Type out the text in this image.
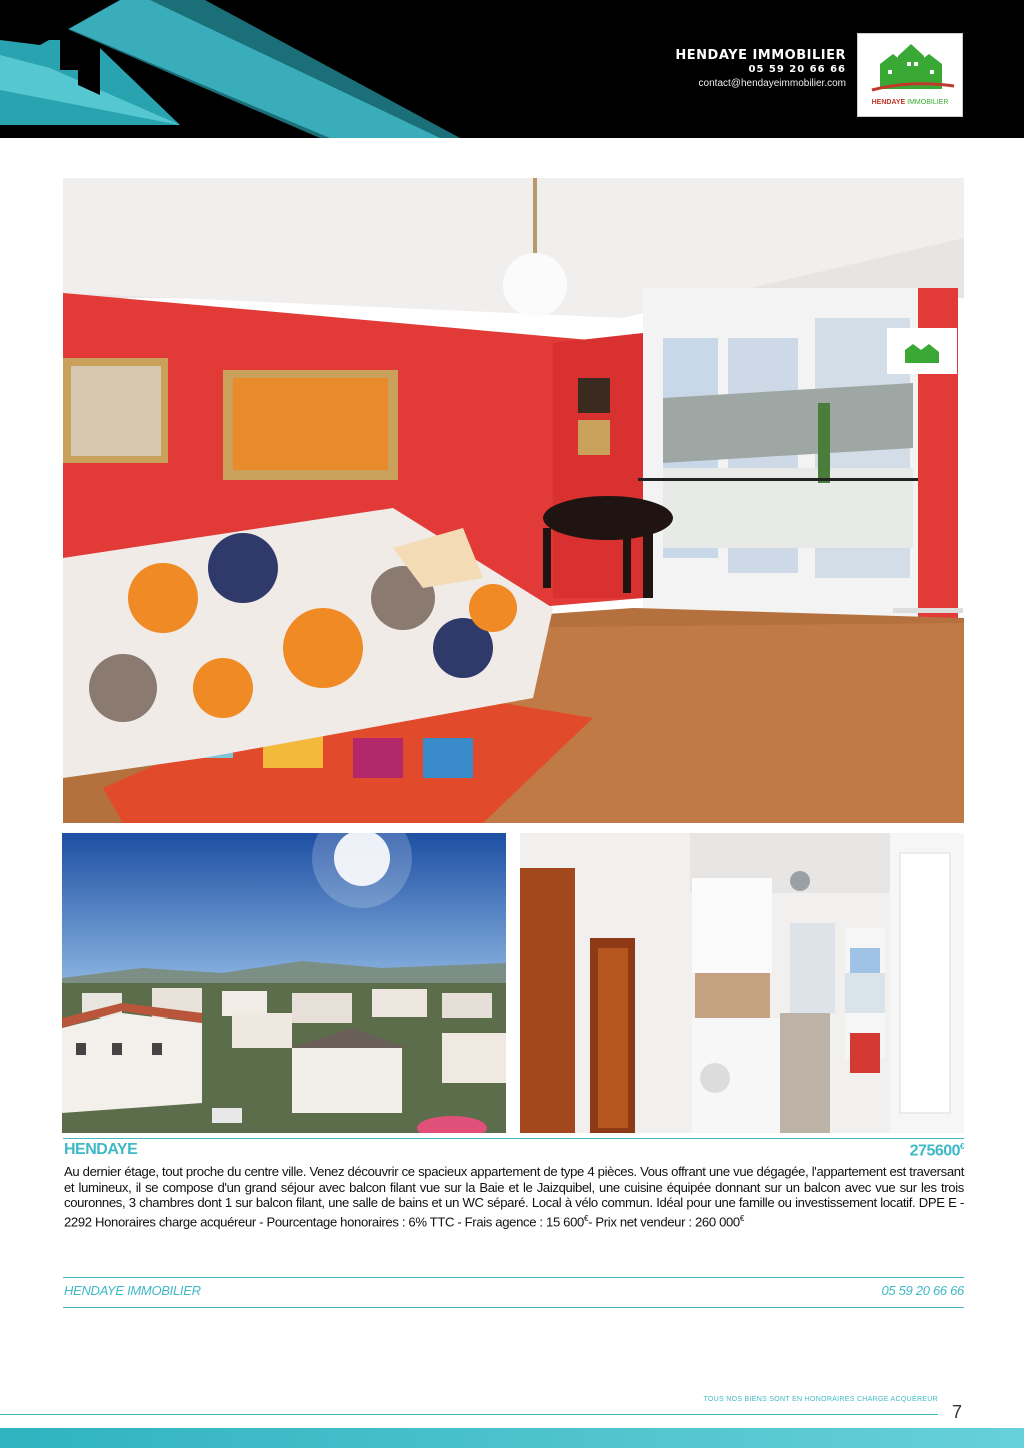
HENDAYE IMMOBILIER
05 59 20 66 66
contact@hendayeimmobilier.com
HENDAYE IMMOBILIER
HENDAYE	275600€
Au dernier étage, tout proche du centre ville. Venez découvrir ce spacieux appartement de type 4 pièces. Vous offrant une vue dégagée, l'appartement est traversant et lumineux, il se compose d'un grand séjour avec balcon filant vue sur la Baie et le Jaizquibel, une cuisine équipée donnant sur un balcon avec vue sur les trois couronnes, 3 chambres dont 1 sur balcon filant, une salle de bains et un WC séparé. Local à vélo commun. Idéal pour une famille ou investissement locatif. DPE E - 2292 Honoraires charge acquéreur - Pourcentage honoraires : 6% TTC - Frais agence : 15 600€- Prix net vendeur : 260 000€
HENDAYE IMMOBILIER	05 59 20 66 66
TOUS NOS BIENS SONT EN HONORAIRES CHARGE ACQUÉREUR
7
